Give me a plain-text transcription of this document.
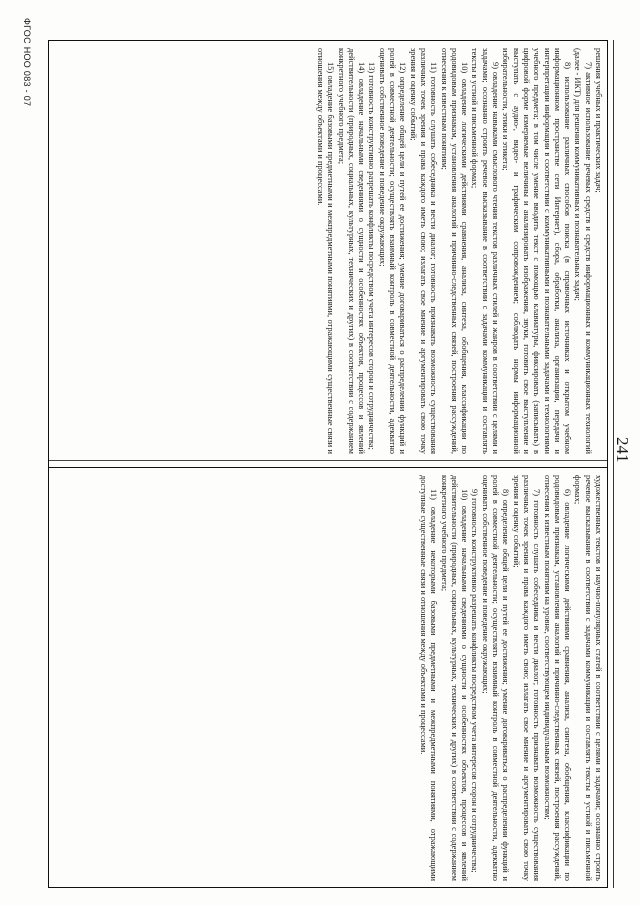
241

решения учебных и практических задач;

7) активное использование речевых средств и средств информационных и коммуникационных технологий (далее - ИКТ) для решения коммуникативных и познавательных задач;

8) использование различных способов поиска (в справочных источниках и открытом учебном информационном пространстве сети Интернет), сбора, обработки, анализа, организации, передачи и интерпретации информации в соответствии с коммуникативными и познавательными задачами и технологиями учебного предмета; в том числе умение вводить текст с помощью клавиатуры, фиксировать (записывать) в цифровой форме измеряемые величины и анализировать изображения, звуки, готовить свое выступление и выступать с аудио-, видео- и графическим сопровождением; соблюдать нормы информационной избирательности, этики и этикета;

9) овладение навыками смыслового чтения текстов различных стилей и жанров в соответствии с целями и задачами; осознанно строить речевое высказывание в соответствии с задачами коммуникации и составлять тексты в устной и письменной формах;

10) овладение логическими действиями сравнения, анализа, синтеза, обобщения, классификации по родовидовым признакам, установления аналогий и причинно-следственных связей, построения рассуждений, отнесения к известным понятиям;

11) готовность слушать собеседника и вести диалог; готовность признавать возможность существования различных точек зрения и права каждого иметь свою; излагать свое мнение и аргументировать свою точку зрения и оценку событий;

12) определение общей цели и путей ее достижения; умение договариваться о распределении функций и ролей в совместной деятельности; осуществлять взаимный контроль в совместной деятельности, адекватно оценивать собственное поведение и поведение окружающих;

13) готовность конструктивно разрешать конфликты посредством учета интересов сторон и сотрудничества;

14) овладение начальными сведениями о сущности и особенностях объектов, процессов и явлений действительности (природных, социальных, культурных, технических и других) в соответствии с содержанием конкретного учебного предмета;

15) овладение базовыми предметными и межпредметными понятиями, отражающими существенные связи и отношения между объектами и процессами.

художественных текстов и научно-популярных статей в соответствии с целями и задачами; осознанно строить речевое высказывание в соответствии с задачами коммуникации и составлять тексты в устной и письменной формах;

6) овладение логическими действиями сравнения, анализа, синтеза, обобщения, классификации по родовидовым признакам, установления аналогий и причинно-следственных связей, построения рассуждений, отнесения к известным понятиям на уровне, соответствующем индивидуальным возможностям;

7) готовность слушать собеседника и вести диалог; готовность признавать возможность существования различных точек зрения и права каждого иметь свою; излагать свое мнение и аргументировать свою точку зрения и оценку событий;

8) определение общей цели и путей ее достижения; умение договариваться о распределении функций и ролей в совместной деятельности; осуществлять взаимный контроль в совместной деятельности, адекватно оценивать собственное поведение и поведение окружающих;

9) готовность конструктивно разрешать конфликты посредством учета интересов сторон и сотрудничества;

10) овладение начальными сведениями о сущности и особенностях объектов, процессов и явлений действительности (природных, социальных, культурных, технических и других) в соответствии с содержанием конкретного учебного предмета;

11) овладение некоторыми базовыми предметными и межпредметными понятиями, отражающими доступные существенные связи и отношения между объектами и процессами.

ФГОС НОО 083 - 07
